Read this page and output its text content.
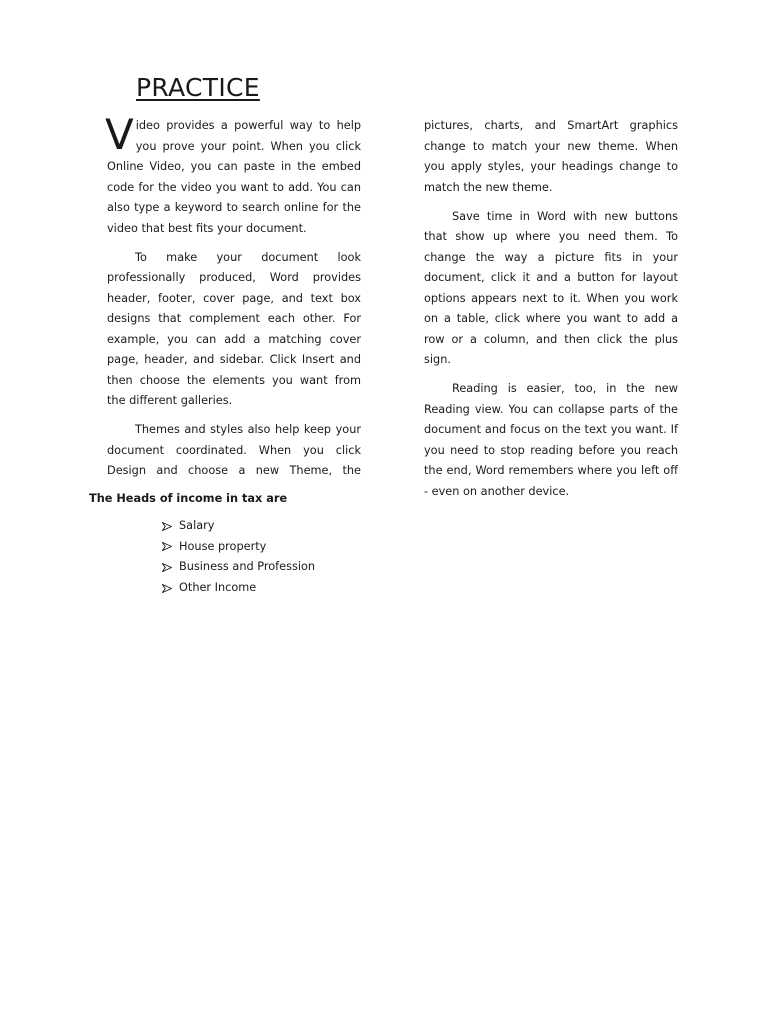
PRACTICE

Video provides a powerful way to help you prove your point. When you click Online Video, you can paste in the embed code for the video you want to add. You can also type a keyword to search online for the video that best fits your document.

To make your document look professionally produced, Word provides header, footer, cover page, and text box designs that complement each other. For example, you can add a matching cover page, header, and sidebar. Click Insert and then choose the elements you want from the different galleries.

Themes and styles also help keep your document coordinated. When you click Design and choose a new Theme, the

pictures, charts, and SmartArt graphics change to match your new theme. When you apply styles, your headings change to match the new theme.

Save time in Word with new buttons that show up where you need them. To change the way a picture fits in your document, click it and a button for layout options appears next to it. When you work on a table, click where you want to add a row or a column, and then click the plus sign.

Reading is easier, too, in the new Reading view. You can collapse parts of the document and focus on the text you want. If you need to stop reading before you reach the end, Word remembers where you left off - even on another device.

The Heads of income in tax are

Salary
House property
Business and Profession
Other Income
